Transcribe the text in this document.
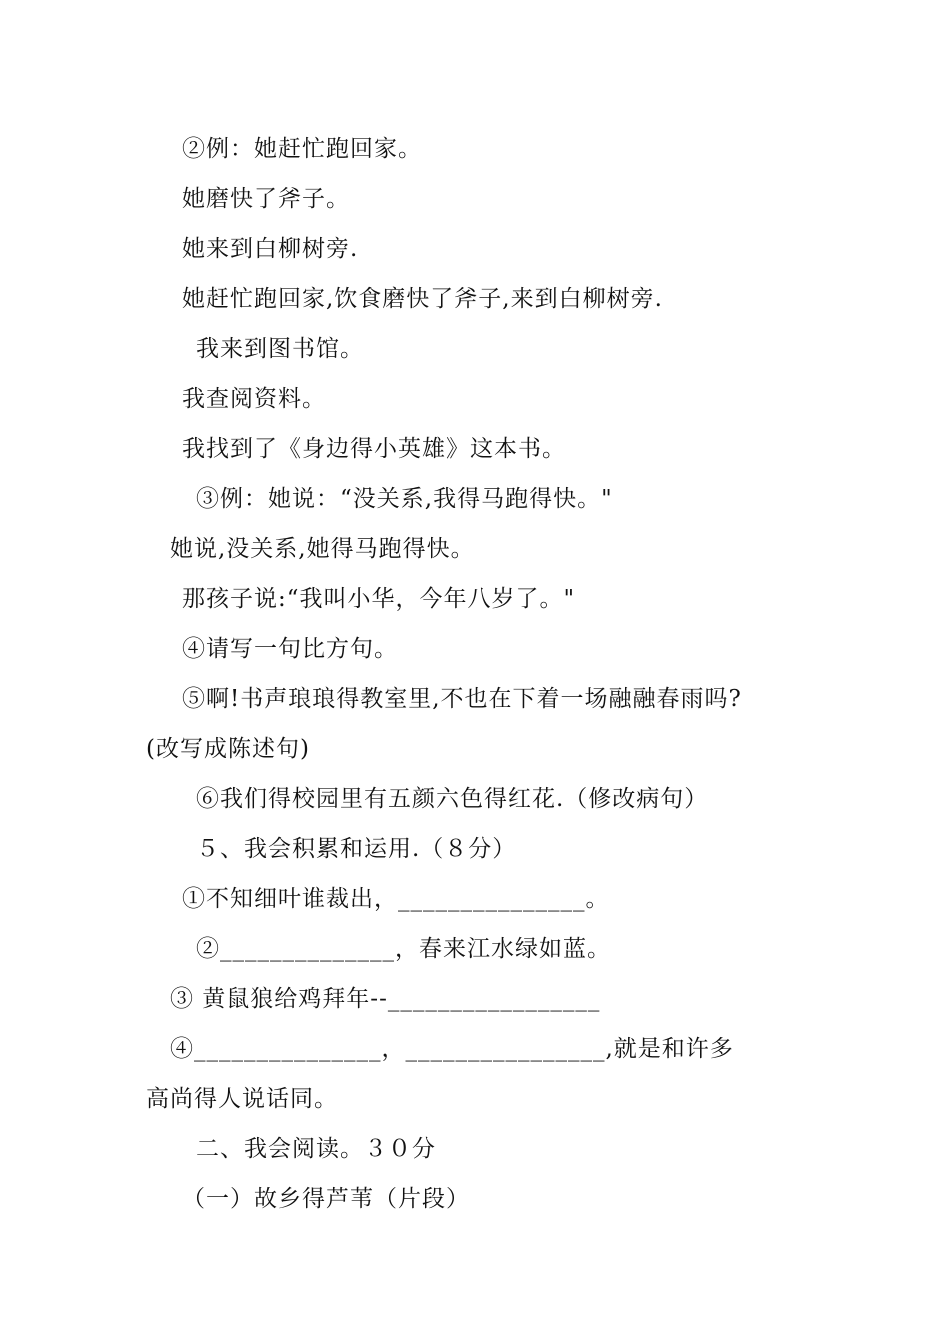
②例：她赶忙跑回家。
她磨快了斧子。
她来到白柳树旁.
她赶忙跑回家,饮食磨快了斧子,来到白柳树旁.
我来到图书馆。
我查阅资料。
我找到了《身边得小英雄》这本书。
③例：她说：“没关系,我得马跑得快。"
她说,没关系,她得马跑得快。
那孩子说:“我叫小华，今年八岁了。"
④请写一句比方句。
⑤啊!书声琅琅得教室里,不也在下着一场融融春雨吗?
(改写成陈述句)
⑥我们得校园里有五颜六色得红花.（修改病句）
５、我会积累和运用.（８分）
①不知细叶谁裁出，_______________。
②______________，春来江水绿如蓝。
③ 黄鼠狼给鸡拜年--_________________
④_______________，________________,就是和许多
高尚得人说话同。
二、我会阅读。３０分
（一）故乡得芦苇（片段）
